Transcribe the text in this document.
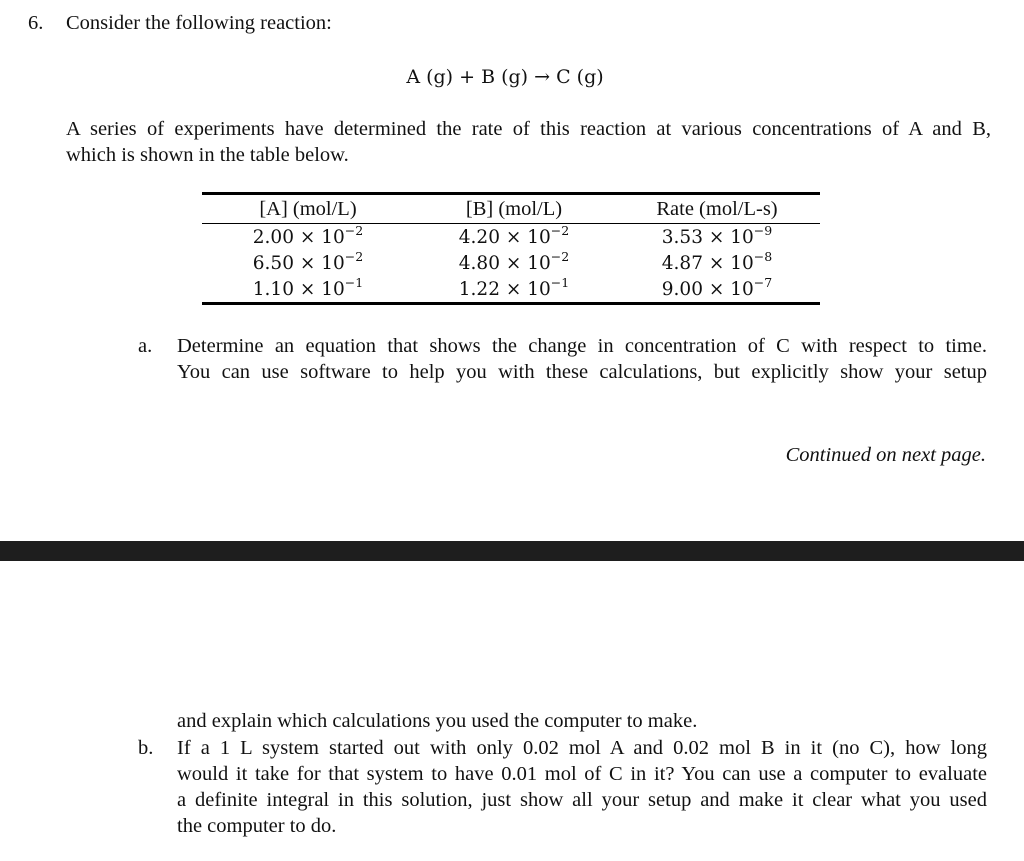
6. Consider the following reaction:
A (g) + B (g) → C (g)
A series of experiments have determined the rate of this reaction at various concentrations of A and B,
which is shown in the table below.
[A] (mol/L)	[B] (mol/L)	Rate (mol/L-s)
$2.00 \times 10^{-2}$	$4.20 \times 10^{-2}$	$3.53 \times 10^{-9}$
$6.50 \times 10^{-2}$	$4.80 \times 10^{-2}$	$4.87 \times 10^{-8}$
$1.10 \times 10^{-1}$	$1.22 \times 10^{-1}$	$9.00 \times 10^{-7}$
a. Determine an equation that shows the change in concentration of C with respect to time.
You can use software to help you with these calculations, but explicitly show your setup
Continued on next page.
and explain which calculations you used the computer to make.
b. If a 1 L system started out with only 0.02 mol A and 0.02 mol B in it (no C), how long
would it take for that system to have 0.01 mol of C in it? You can use a computer to evaluate
a definite integral in this solution, just show all your setup and make it clear what you used
the computer to do.
